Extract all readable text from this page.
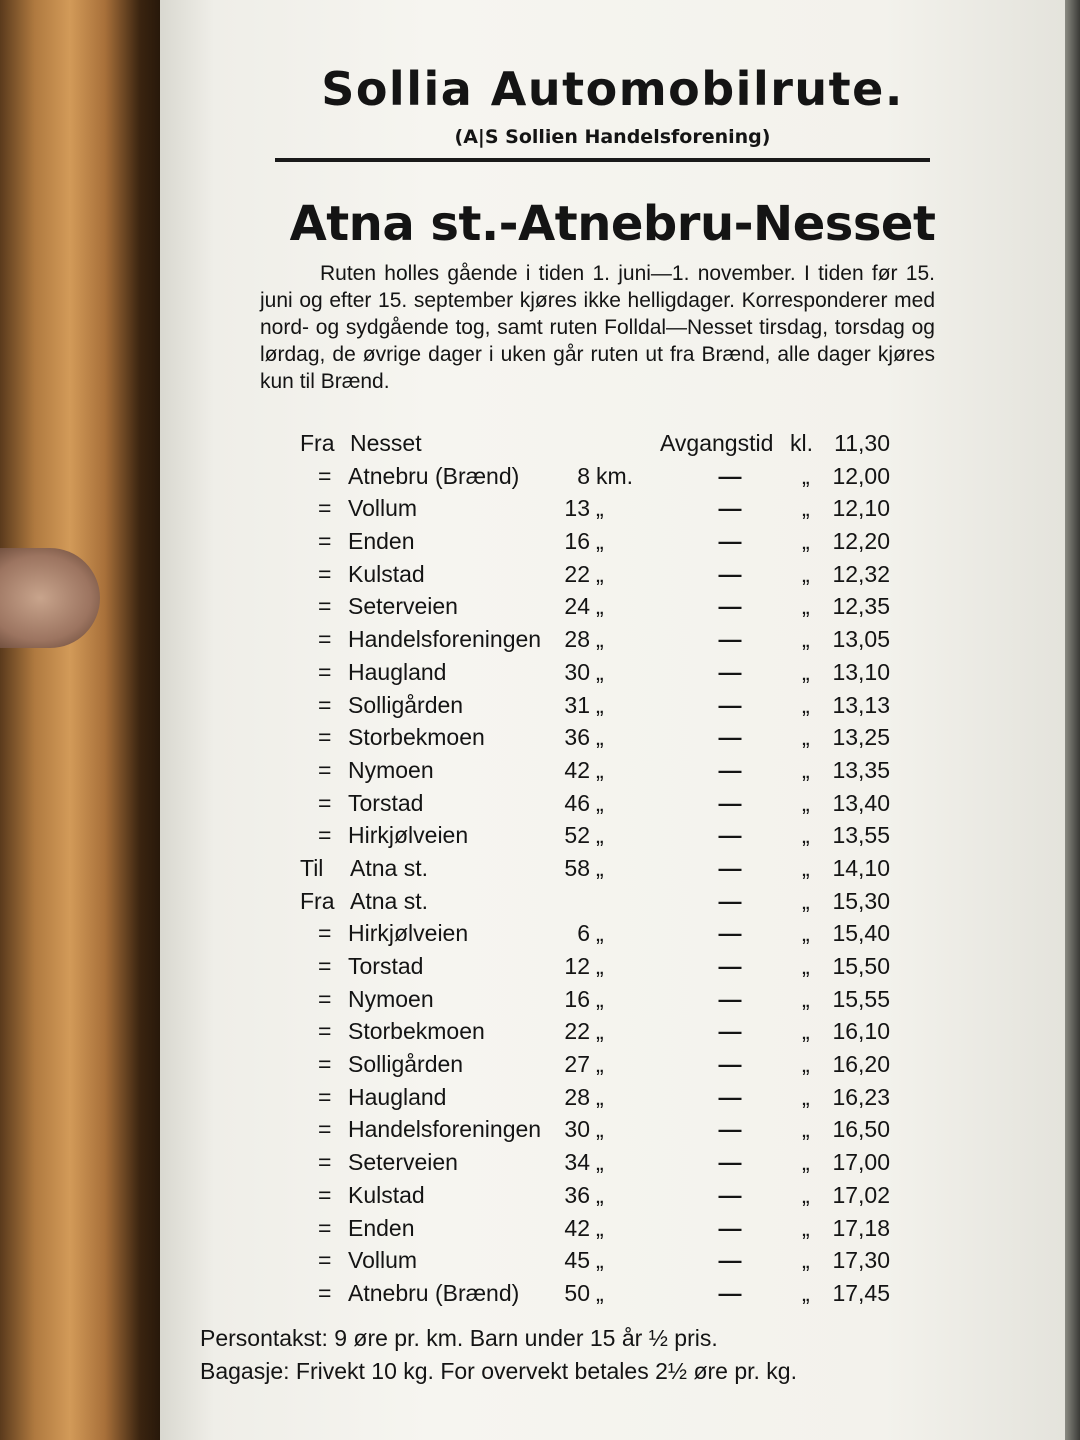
Sollia Automobilrute.
(A|S Sollien Handelsforening)
Atna st.-Atnebru-Nesset
Ruten holles gående i tiden 1. juni—1. november. I tiden før 15. juni og efter 15. september kjøres ikke helligdager. Korresponderer med nord- og sydgående tog, samt ruten Folldal—Nesset tirsdag, torsdag og lørdag, de øvrige dager i uken går ruten ut fra Brænd, alle dager kjøres kun til Brænd.
Fra Nesset	Avgangstid kl. 11,30
= Atnebru (Brænd)	8 km.	—	„ 12,00
= Vollum	13 „	—	„ 12,10
= Enden	16 „	—	„ 12,20
= Kulstad	22 „	—	„ 12,32
= Seterveien	24 „	—	„ 12,35
= Handelsforeningen	28 „	—	„ 13,05
= Haugland	30 „	—	„ 13,10
= Solligården	31 „	—	„ 13,13
= Storbekmoen	36 „	—	„ 13,25
= Nymoen	42 „	—	„ 13,35
= Torstad	46 „	—	„ 13,40
= Hirkjølveien	52 „	—	„ 13,55
Til Atna st.	58 „	—	„ 14,10
Fra Atna st.	—	„ 15,30
= Hirkjølveien	6 „	—	„ 15,40
= Torstad	12 „	—	„ 15,50
= Nymoen	16 „	—	„ 15,55
= Storbekmoen	22 „	—	„ 16,10
= Solligården	27 „	—	„ 16,20
= Haugland	28 „	—	„ 16,23
= Handelsforeningen	30 „	—	„ 16,50
= Seterveien	34 „	—	„ 17,00
= Kulstad	36 „	—	„ 17,02
= Enden	42 „	—	„ 17,18
= Vollum	45 „	—	„ 17,30
= Atnebru (Brænd)	50 „	—	„ 17,45
Persontakst: 9 øre pr. km. Barn under 15 år ½ pris.
Bagasje: Frivekt 10 kg. For overvekt betales 2½ øre pr. kg.
